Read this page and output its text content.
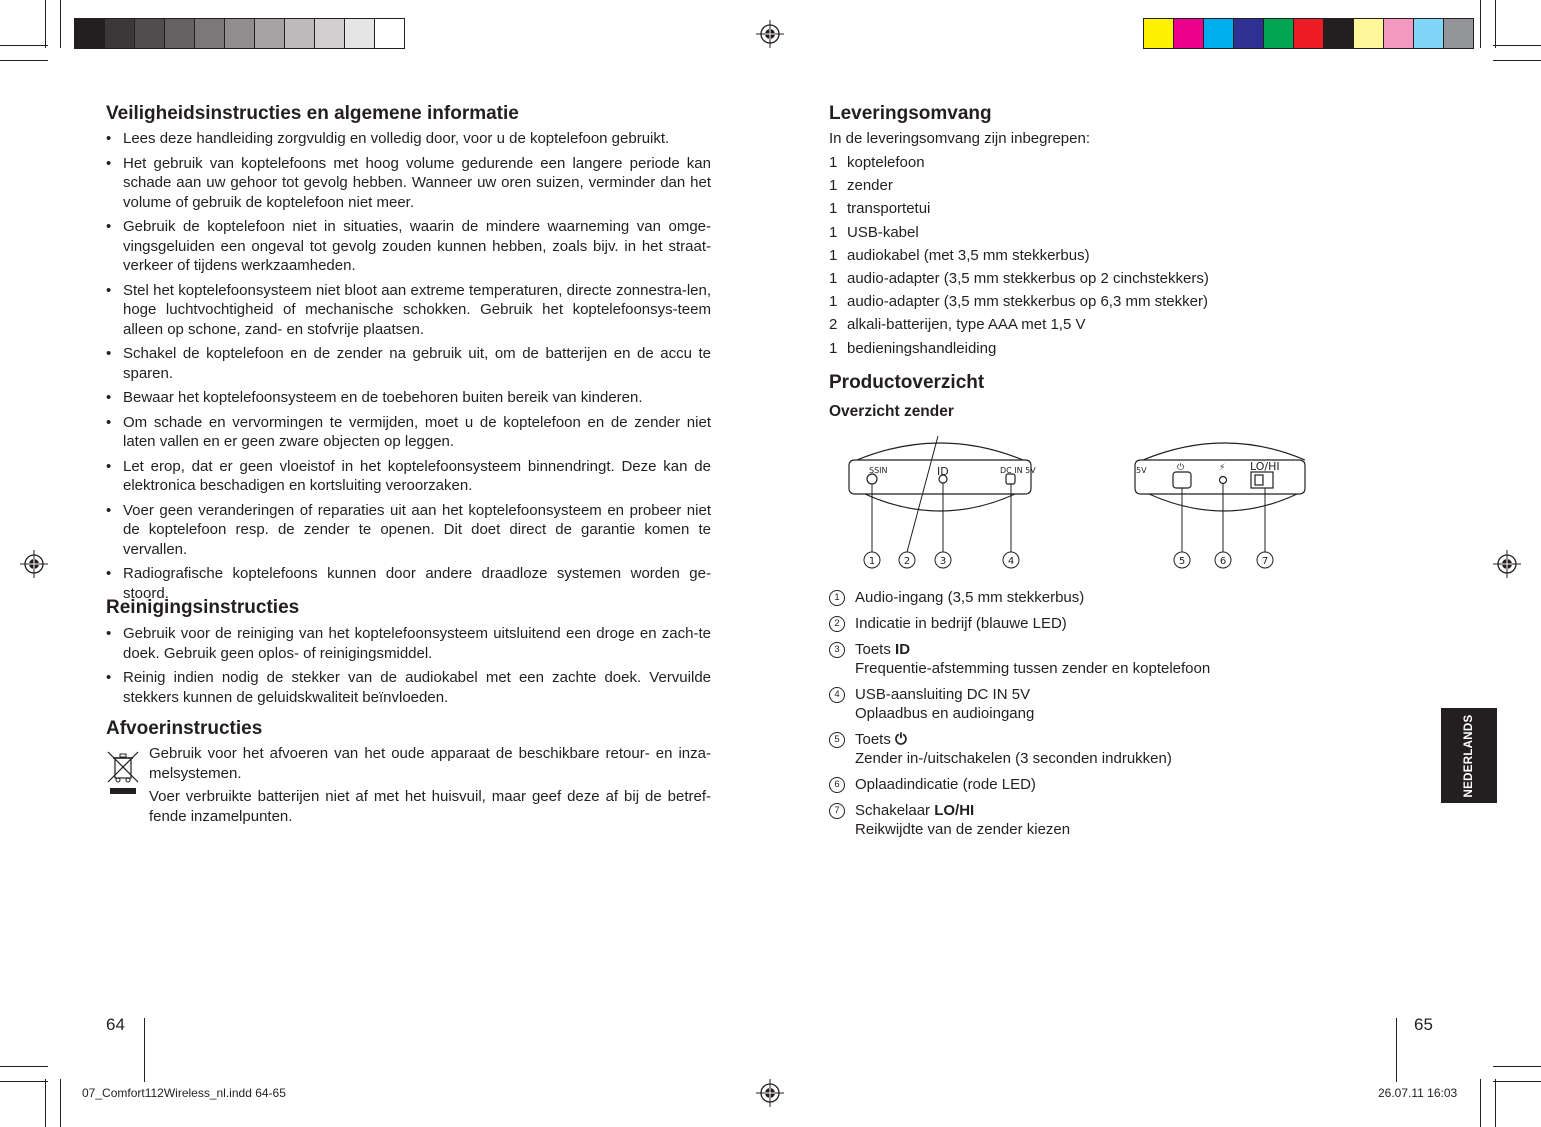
Veiligheidsinstructies en algemene informatie
• Lees deze handleiding zorgvuldig en volledig door, voor u de koptelefoon gebruikt.
• Het gebruik van koptelefoons met hoog volume gedurende een langere periode kan schade aan uw gehoor tot gevolg hebben. Wanneer uw oren suizen, verminder dan het volume of gebruik de koptelefoon niet meer.
• Gebruik de koptelefoon niet in situaties, waarin de mindere waarneming van omge-vingsgeluiden een ongeval tot gevolg zouden kunnen hebben, zoals bijv. in het straat-verkeer of tijdens werkzaamheden.
• Stel het koptelefoonsysteem niet bloot aan extreme temperaturen, directe zonnestra-len, hoge luchtvochtigheid of mechanische schokken. Gebruik het koptelefoonsys-teem alleen op schone, zand- en stofvrije plaatsen.
• Schakel de koptelefoon en de zender na gebruik uit, om de batterijen en de accu te sparen.
• Bewaar het koptelefoonsysteem en de toebehoren buiten bereik van kinderen.
• Om schade en vervormingen te vermijden, moet u de koptelefoon en de zender niet laten vallen en er geen zware objecten op leggen.
• Let erop, dat er geen vloeistof in het koptelefoonsysteem binnendringt. Deze kan de elektronica beschadigen en kortsluiting veroorzaken.
• Voer geen veranderingen of reparaties uit aan het koptelefoonsysteem en probeer niet de koptelefoon resp. de zender te openen. Dit doet direct de garantie komen te vervallen.
• Radiografische koptelefoons kunnen door andere draadloze systemen worden ge-stoord.
Reinigingsinstructies
• Gebruik voor de reiniging van het koptelefoonsysteem uitsluitend een droge en zach-te doek. Gebruik geen oplos- of reinigingsmiddel.
• Reinig indien nodig de stekker van de audiokabel met een zachte doek. Vervuilde stekkers kunnen de geluidskwaliteit beïnvloeden.
Afvoerinstructies
Gebruik voor het afvoeren van het oude apparaat de beschikbare retour- en inza-melsystemen.
Voer verbruikte batterijen niet af met het huisvuil, maar geef deze af bij de betref-fende inzamelpunten.
64
07_Comfort112Wireless_nl.indd 64-65
Leveringsomvang
In de leveringsomvang zijn inbegrepen:
1 koptelefoon
1 zender
1 transportetui
1 USB-kabel
1 audiokabel (met 3,5 mm stekkerbus)
1 audio-adapter (3,5 mm stekkerbus op 2 cinchstekkers)
1 audio-adapter (3,5 mm stekkerbus op 6,3 mm stekker)
2 alkali-batterijen, type AAA met 1,5 V
1 bedieningshandleiding
Productoverzicht
Overzicht zender
SSIN	ID	DC IN 5V	5V	⏻	⚡ LO/HI
1	2	3	4	5	6	7
1	Audio-ingang (3,5 mm stekkerbus)
2	Indicatie in bedrijf (blauwe LED)
3	Toets ID
Frequentie-afstemming tussen zender en koptelefoon
4	USB-aansluiting DC IN 5V
Oplaadbus en audioingang
5	Toets ⏻
Zender in-/uitschakelen (3 seconden indrukken)
6	Oplaadindicatie (rode LED)
7	Schakelaar LO/HI
Reikwijdte van de zender kiezen
NEDERLANDS
65
26.07.11 16:03
